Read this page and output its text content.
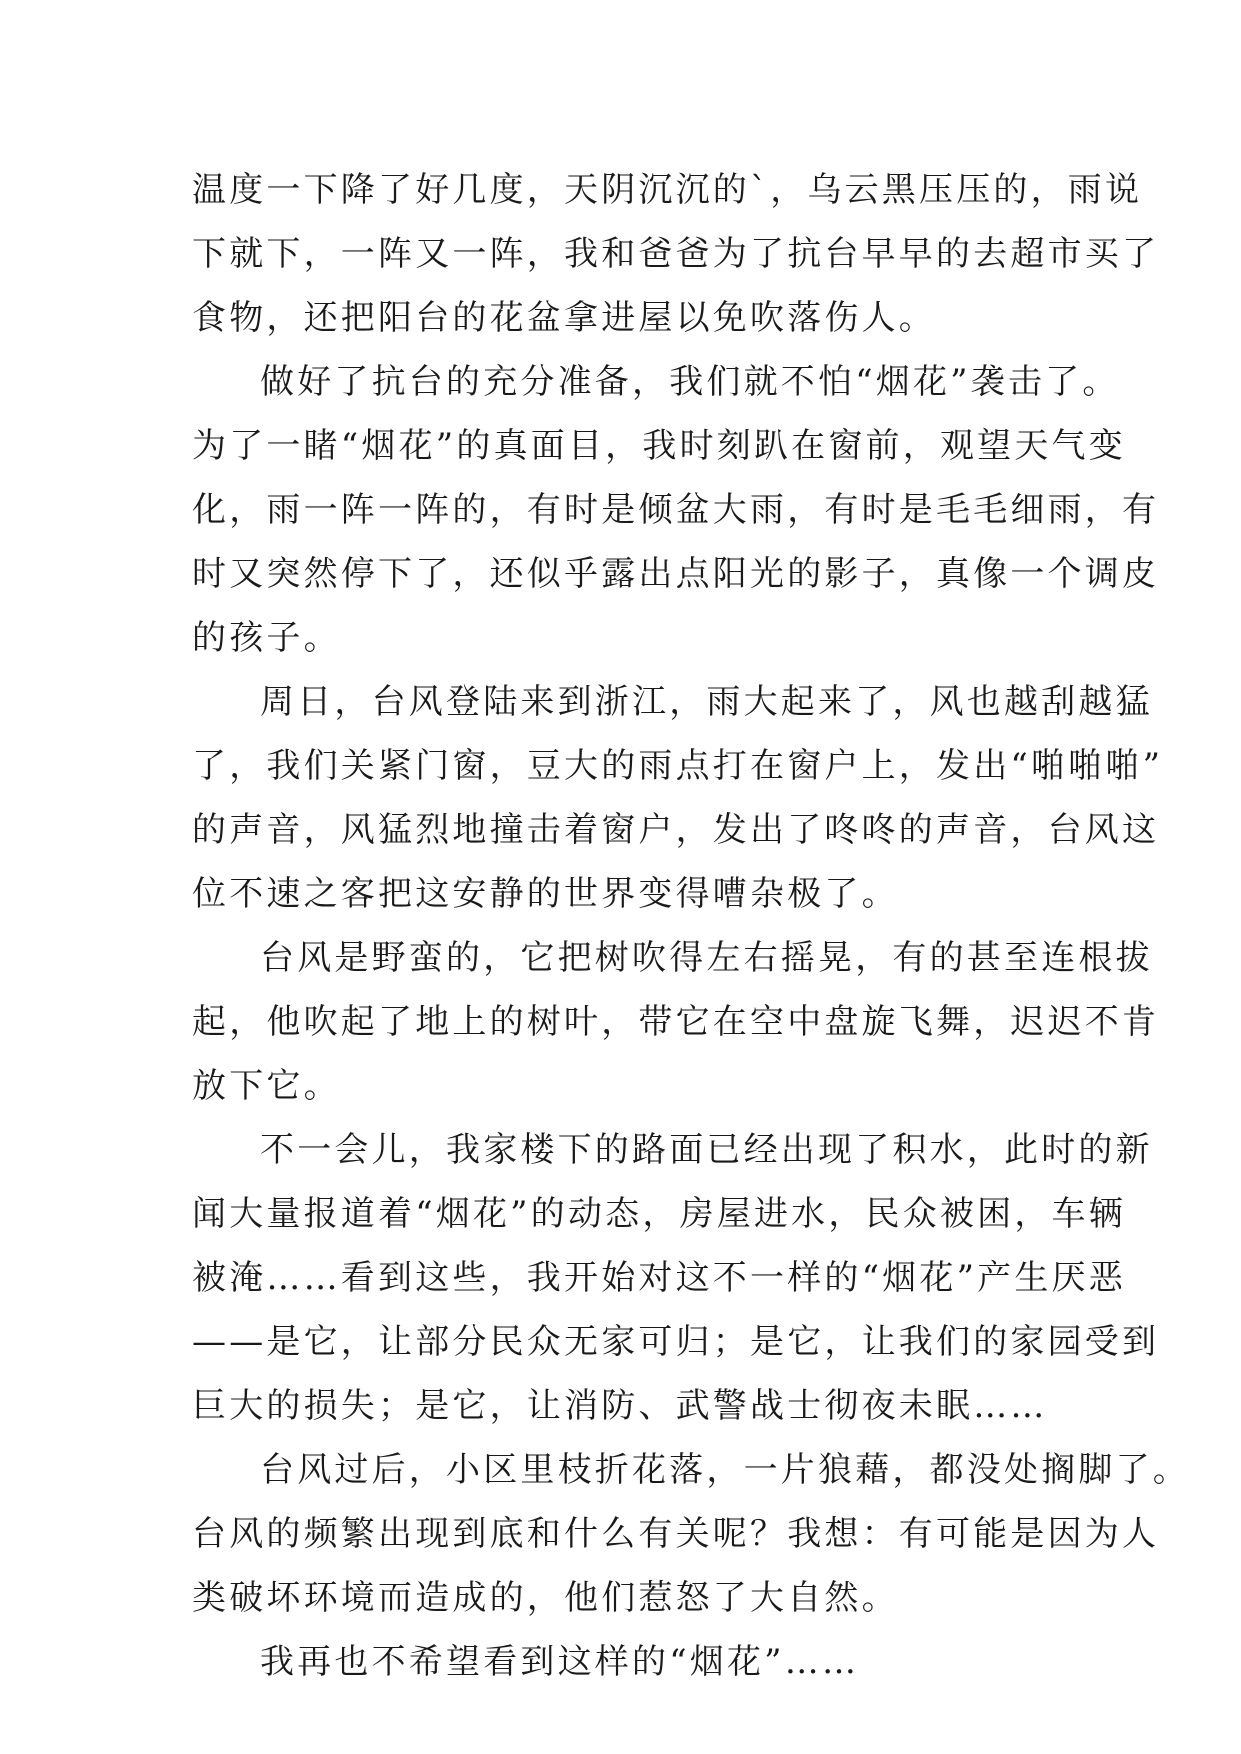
温度一下降了好几度，天阴沉沉的`，乌云黑压压的，雨说
下就下，一阵又一阵，我和爸爸为了抗台早早的去超市买了
食物，还把阳台的花盆拿进屋以免吹落伤人。
做好了抗台的充分准备，我们就不怕“烟花”袭击了。
为了一睹“烟花”的真面目，我时刻趴在窗前，观望天气变
化，雨一阵一阵的，有时是倾盆大雨，有时是毛毛细雨，有
时又突然停下了，还似乎露出点阳光的影子，真像一个调皮
的孩子。
周日，台风登陆来到浙江，雨大起来了，风也越刮越猛
了，我们关紧门窗，豆大的雨点打在窗户上，发出“啪啪啪”
的声音，风猛烈地撞击着窗户，发出了咚咚的声音，台风这
位不速之客把这安静的世界变得嘈杂极了。
台风是野蛮的，它把树吹得左右摇晃，有的甚至连根拔
起，他吹起了地上的树叶，带它在空中盘旋飞舞，迟迟不肯
放下它。
不一会儿，我家楼下的路面已经出现了积水，此时的新
闻大量报道着“烟花”的动态，房屋进水，民众被困，车辆
被淹……看到这些，我开始对这不一样的“烟花”产生厌恶
——是它，让部分民众无家可归；是它，让我们的家园受到
巨大的损失；是它，让消防、武警战士彻夜未眠……
台风过后，小区里枝折花落，一片狼藉，都没处搁脚了。
台风的频繁出现到底和什么有关呢？我想：有可能是因为人
类破坏环境而造成的，他们惹怒了大自然。
我再也不希望看到这样的“烟花”……
